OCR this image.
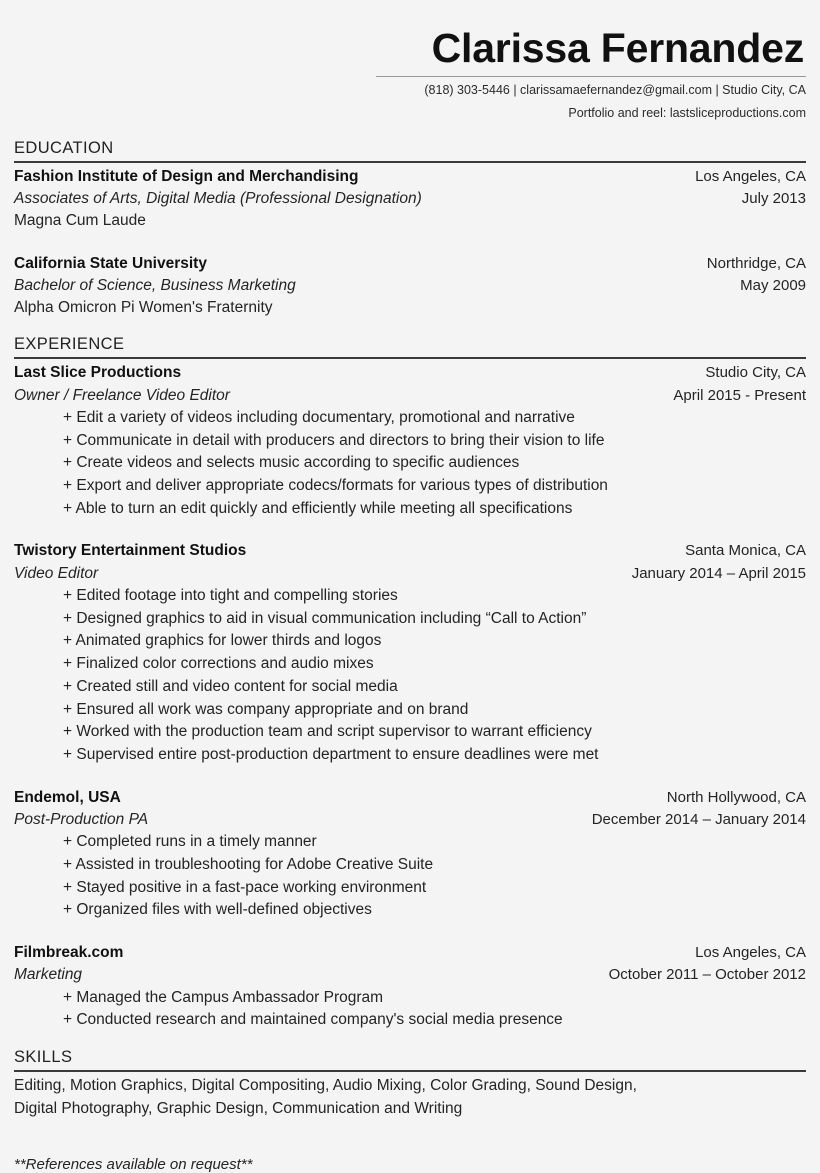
Clarissa Fernandez
(818) 303-5446 | clarissamaefernandez@gmail.com | Studio City, CA
Portfolio and reel: lastsliceproductions.com
EDUCATION
Fashion Institute of Design and Merchandising	Los Angeles, CA
Associates of Arts, Digital Media (Professional Designation)	July 2013
Magna Cum Laude
California State University	Northridge, CA
Bachelor of Science, Business Marketing	May 2009
Alpha Omicron Pi Women's Fraternity
EXPERIENCE
Last Slice Productions	Studio City, CA
Owner / Freelance Video Editor	April 2015 - Present
+ Edit a variety of videos including documentary, promotional and narrative
+ Communicate in detail with producers and directors to bring their vision to life
+ Create videos and selects music according to specific audiences
+ Export and deliver appropriate codecs/formats for various types of distribution
+ Able to turn an edit quickly and efficiently while meeting all specifications
Twistory Entertainment Studios	Santa Monica, CA
Video Editor	January 2014 – April 2015
+ Edited footage into tight and compelling stories
+ Designed graphics to aid in visual communication including “Call to Action”
+ Animated graphics for lower thirds and logos
+ Finalized color corrections and audio mixes
+ Created still and video content for social media
+ Ensured all work was company appropriate and on brand
+ Worked with the production team and script supervisor to warrant efficiency
+ Supervised entire post-production department to ensure deadlines were met
Endemol, USA	North Hollywood, CA
Post-Production PA	December 2014 – January 2014
+ Completed runs in a timely manner
+ Assisted in troubleshooting for Adobe Creative Suite
+ Stayed positive in a fast-pace working environment
+ Organized files with well-defined objectives
Filmbreak.com	Los Angeles, CA
Marketing	October 2011 – October 2012
+ Managed the Campus Ambassador Program
+ Conducted research and maintained company's social media presence
SKILLS
Editing, Motion Graphics, Digital Compositing, Audio Mixing, Color Grading, Sound Design,
Digital Photography, Graphic Design, Communication and Writing
**References available on request**
